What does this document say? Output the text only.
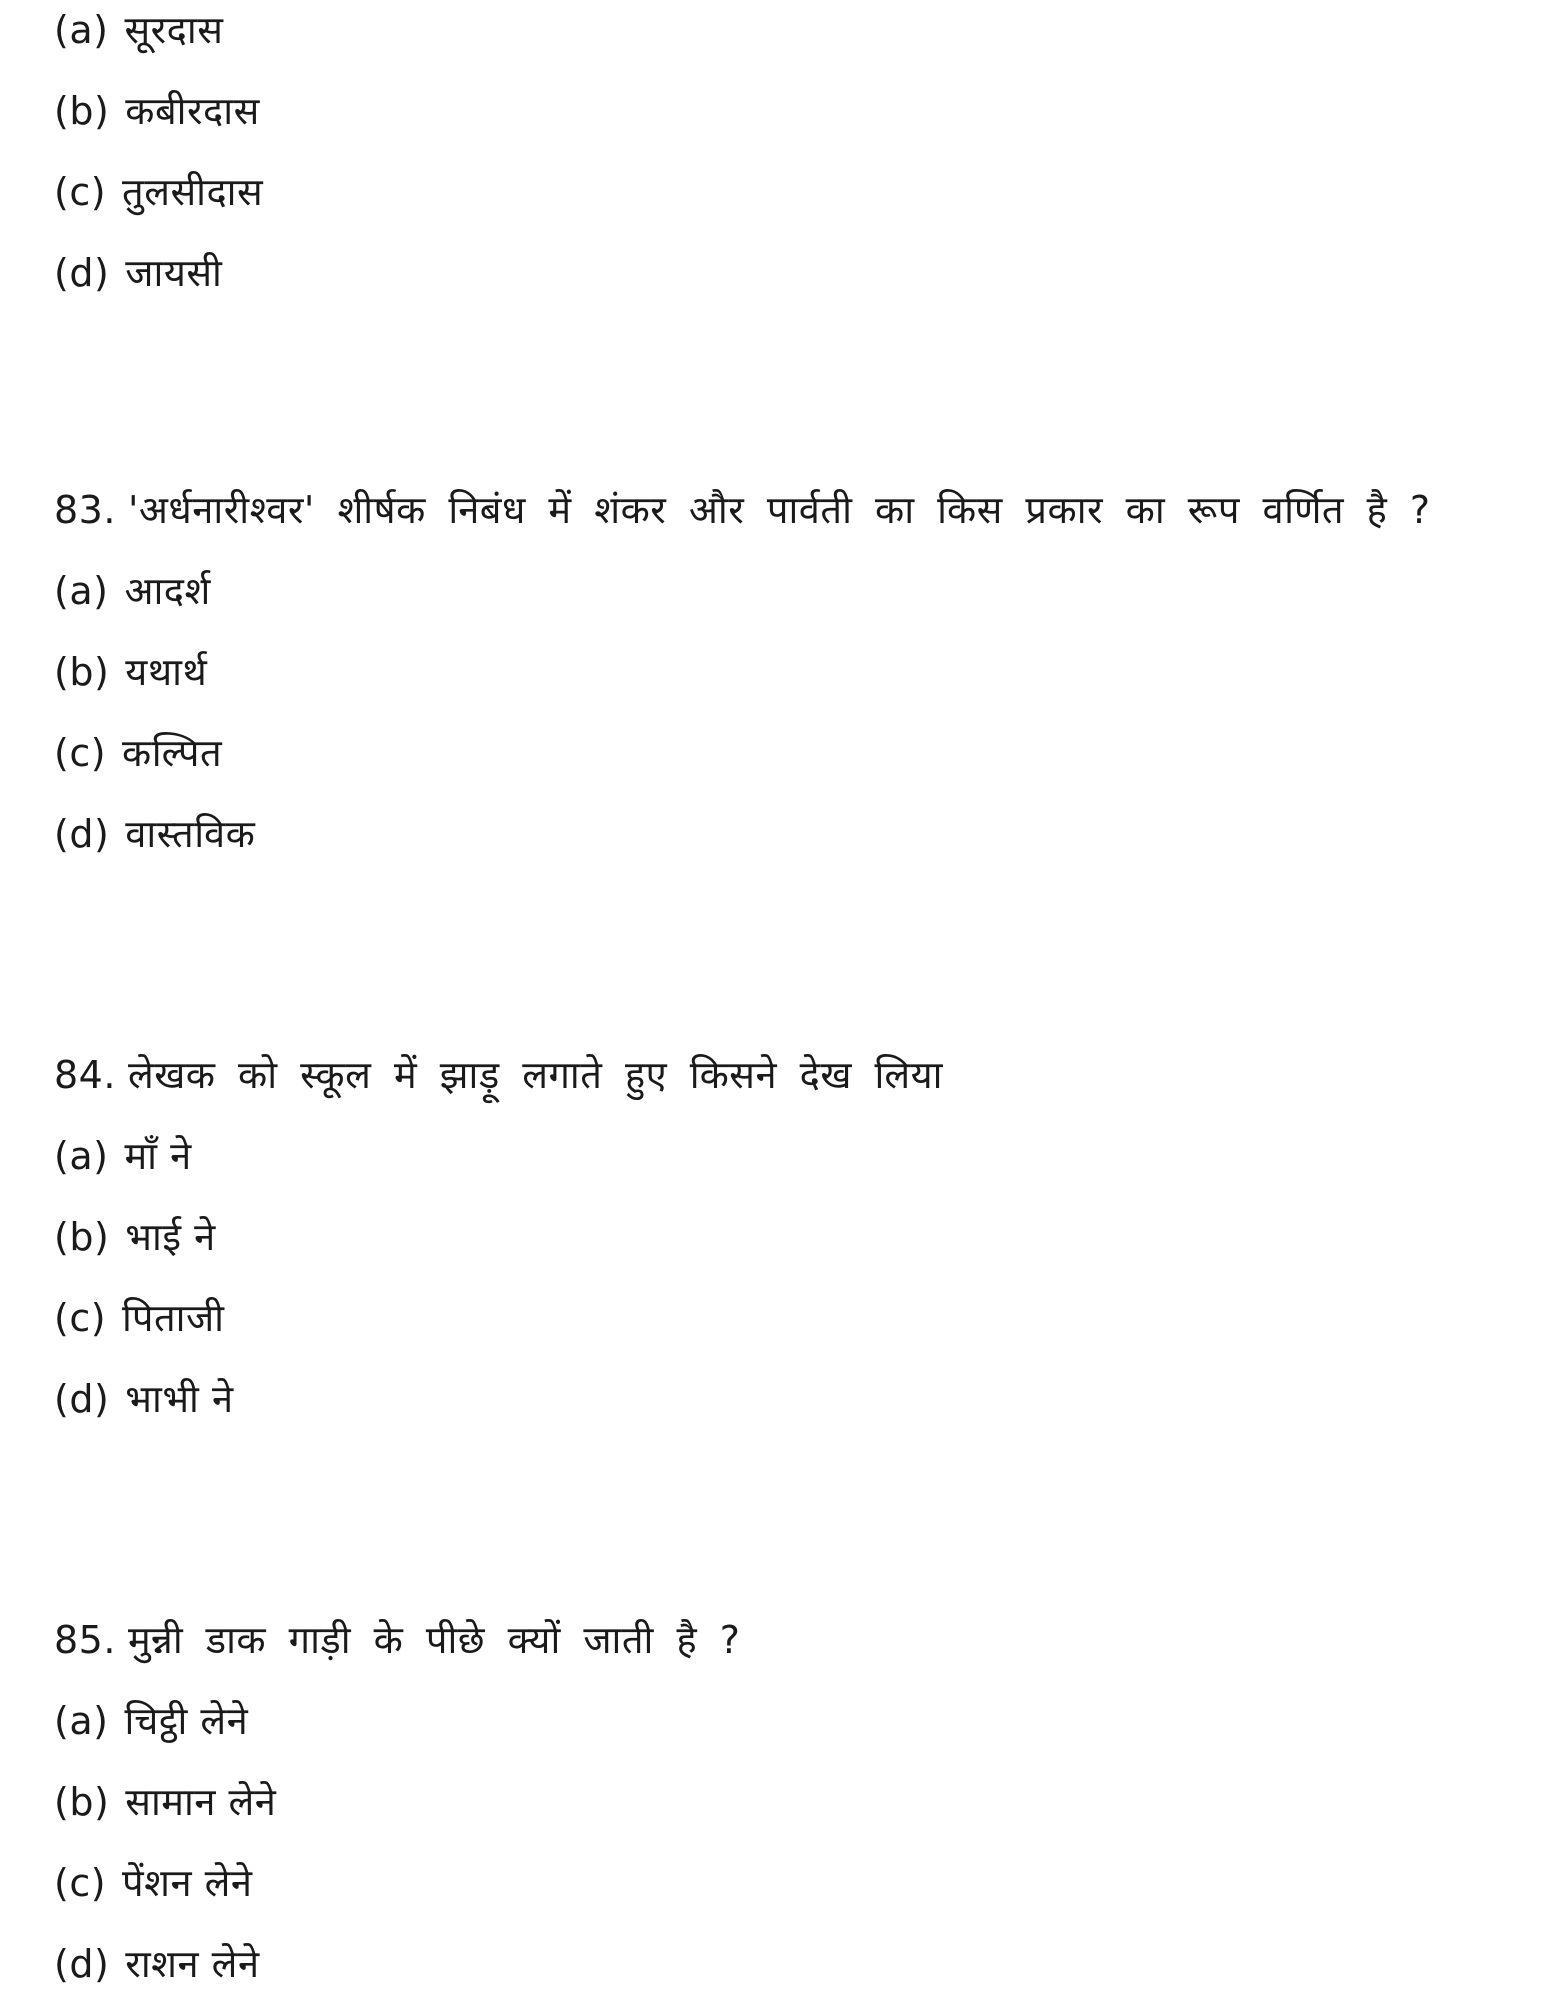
(a) सूरदास
(b) कबीरदास
(c) तुलसीदास
(d) जायसी
83. 'अर्धनारीश्वर' शीर्षक निबंध में शंकर और पार्वती का किस प्रकार का रूप वर्णित है ?
(a) आदर्श
(b) यथार्थ
(c) कल्पित
(d) वास्तविक
84. लेखक को स्कूल में झाड़ू लगाते हुए किसने देख लिया
(a) माँ ने
(b) भाई ने
(c) पिताजी
(d) भाभी ने
85. मुन्नी डाक गाड़ी के पीछे क्यों जाती है ?
(a) चिट्ठी लेने
(b) सामान लेने
(c) पेंशन लेने
(d) राशन लेने
